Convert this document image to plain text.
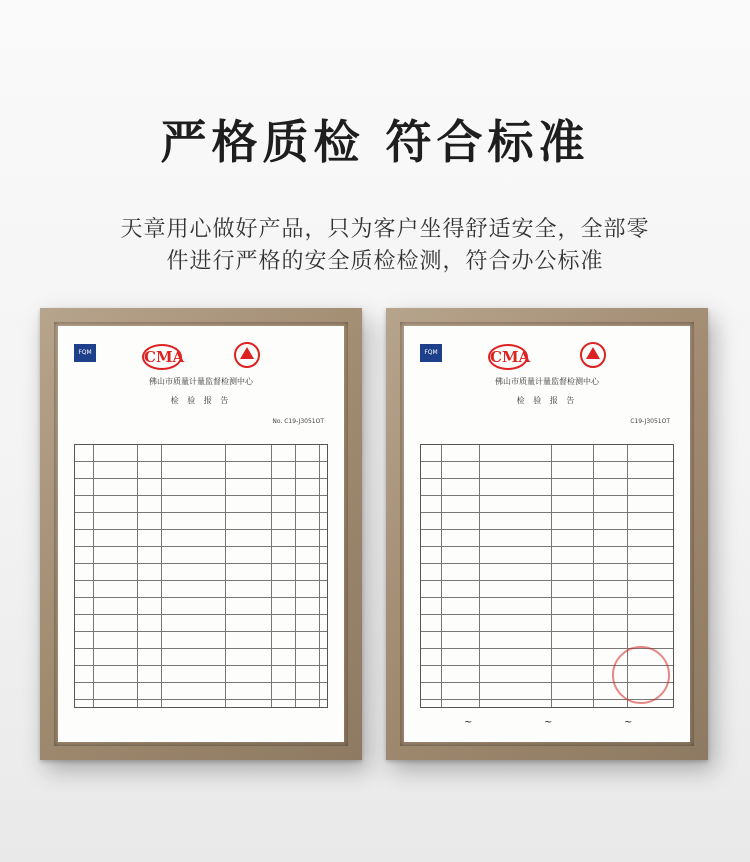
严格质检 符合标准
天章用心做好产品，只为客户坐得舒适安全，全部零
件进行严格的安全质检检测，符合办公标准
FQM	CMA
佛山市质量计量监督检测中心
检 验 报 告
No. C19-J3051OT
FQM	CMA
佛山市质量计量监督检测中心
检 验 报 告
C19-J3051OT
~	~	~
